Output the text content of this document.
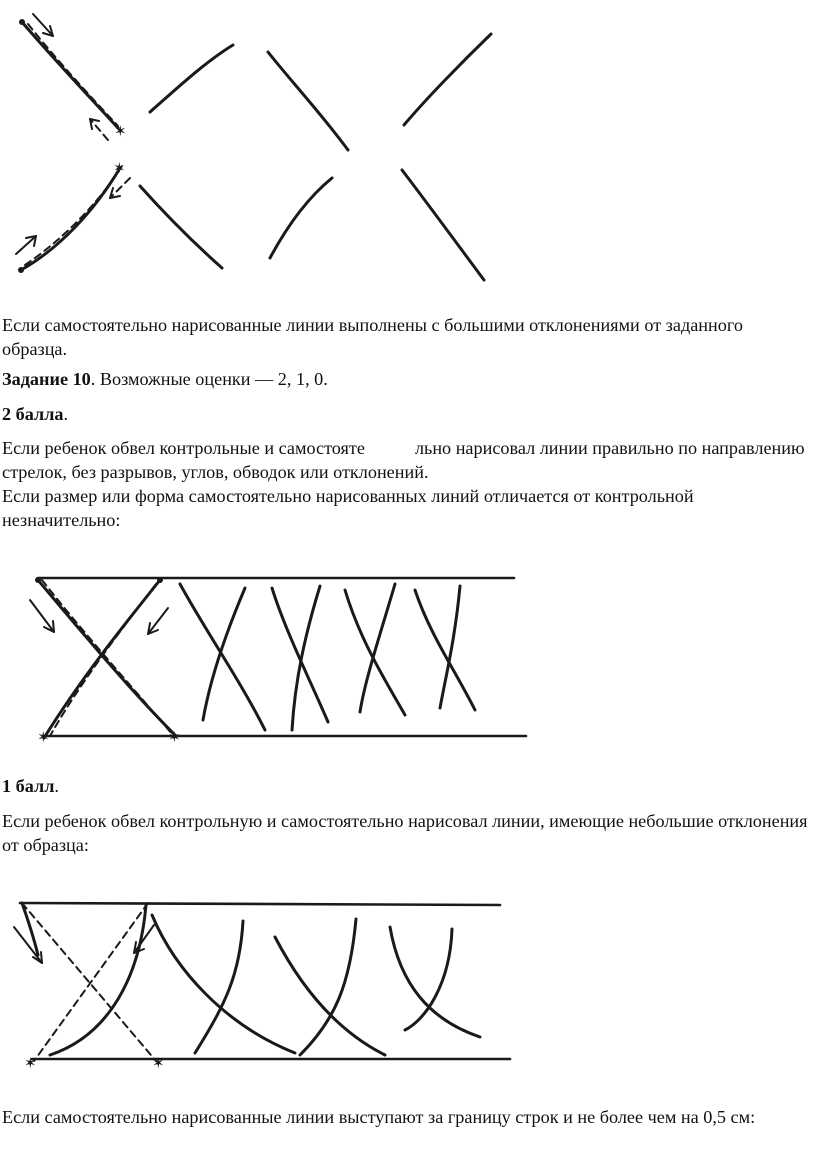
✶
✶

Если самостоятельно нарисованные линии выполнены с большими отклонениями от заданного образца.

Задание 10. Возможные оценки — 2, 1, 0.

2 балла.

Если ребенок обвел контрольные и самостояте	льно нарисовал линии правильно по направлению стрелок, без разрывов, углов, обводок или отклонений.

Если размер или форма самостоятельно нарисованных линий отличается от контрольной незначительно:

✶	✶

1 балл.

Если ребенок обвел контрольную и самостоятельно нарисовал линии, имеющие небольшие отклонения от образца:

✶	✶

Если самостоятельно нарисованные линии выступают за границу строк и не более чем на 0,5 см:
